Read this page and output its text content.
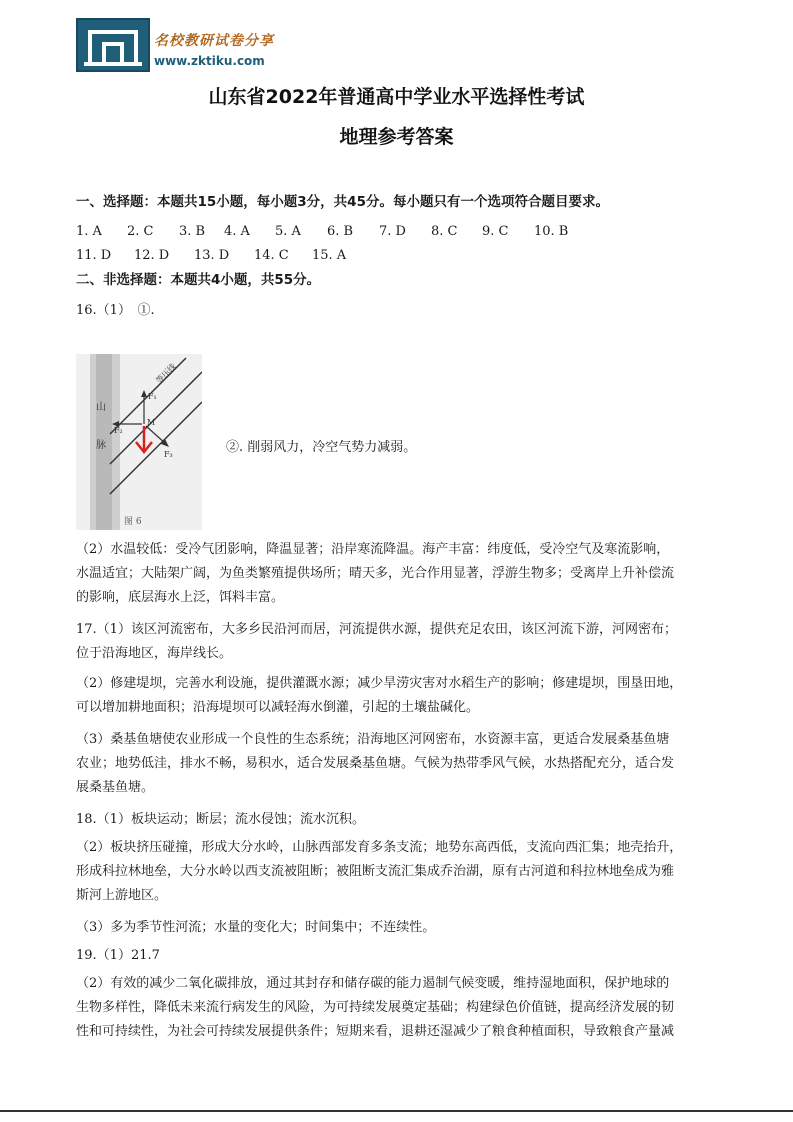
名校教研试卷分享
www.zktiku.com
山东省2022年普通高中学业水平选择性考试
地理参考答案
一、选择题：本题共15小题，每小题3分，共45分。每小题只有一个选项符合题目要求。
1. A 2. C 3. B 4. A 5. A 6. B 7. D 8. C 9. C 10. B
11. D 12. D 13. D 14. C 15. A
二、非选择题：本题共4小题，共55分。
16.（1）　①.
山
脉
等压线
F₁
F₂
F₃
M
图 6
②. 削弱风力，冷空气势力减弱。

（2）水温较低：受冷气团影响，降温显著；沿岸寒流降温。海产丰富：纬度低，受冷空气及寒流影响，

水温适宜；大陆架广阔，为鱼类繁殖提供场所；晴天多，光合作用显著，浮游生物多；受离岸上升补偿流

的影响，底层海水上泛，饵料丰富。

17.（1）该区河流密布，大多乡民沿河而居，河流提供水源，提供充足农田，该区河流下游，河网密布；

位于沿海地区，海岸线长。

（2）修建堤坝，完善水利设施，提供灌溉水源；减少旱涝灾害对水稻生产的影响；修建堤坝，围垦田地，

可以增加耕地面积；沿海堤坝可以减轻海水倒灌，引起的土壤盐碱化。

（3）桑基鱼塘使农业形成一个良性的生态系统；沿海地区河网密布，水资源丰富，更适合发展桑基鱼塘

农业；地势低洼，排水不畅，易积水，适合发展桑基鱼塘。气候为热带季风气候，水热搭配充分，适合发

展桑基鱼塘。

18.（1）板块运动；断层；流水侵蚀；流水沉积。

（2）板块挤压碰撞，形成大分水岭，山脉西部发育多条支流；地势东高西低，支流向西汇集；地壳抬升，

形成科拉林地垒，大分水岭以西支流被阻断；被阻断支流汇集成乔治湖，原有古河道和科拉林地垒成为雅

斯河上游地区。

（3）多为季节性河流；水量的变化大；时间集中；不连续性。

19.（1）21.7

（2）有效的减少二氧化碳排放，通过其封存和储存碳的能力遏制气候变暖，维持湿地面积，保护地球的

生物多样性，降低未来流行病发生的风险，为可持续发展奠定基础；构建绿色价值链，提高经济发展的韧

性和可持续性，为社会可持续发展提供条件；短期来看，退耕还湿减少了粮食种植面积，导致粮食产量减
